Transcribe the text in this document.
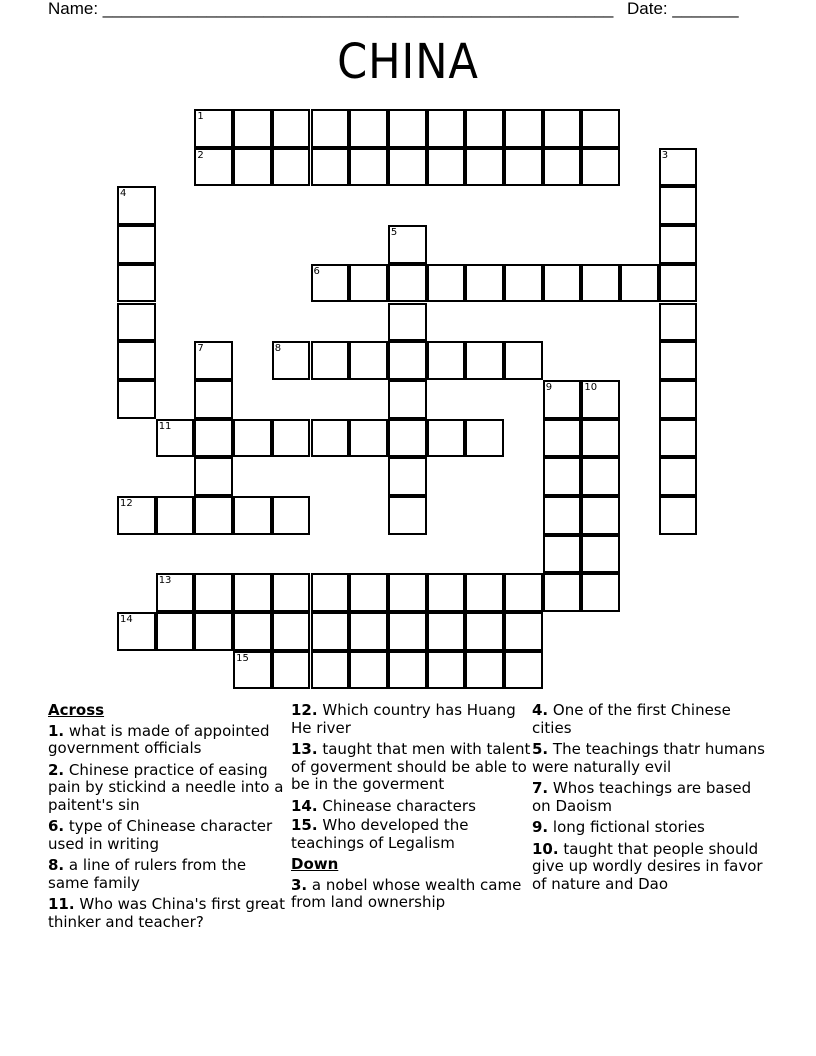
Name: ______________________________________________________ Date: _______
CHINA
1
2	3
4
5
6
7	8
9	10
11
12
13
14
15
Across
1. what is made of appointed government officials
2. Chinese practice of easing pain by stickind a needle into a paitent's sin
6. type of Chinease character used in writing
8. a line of rulers from the same family
11. Who was China's first great thinker and teacher?
12. Which country has Huang He river
13. taught that men with talent of goverment should be able to be in the goverment
14. Chinease characters
15. Who developed the teachings of Legalism
Down
3. a nobel whose wealth came from land ownership
4. One of the first Chinese cities
5. The teachings thatr humans were naturally evil
7. Whos teachings are based on Daoism
9. long fictional stories
10. taught that people should give up wordly desires in favor of nature and Dao
